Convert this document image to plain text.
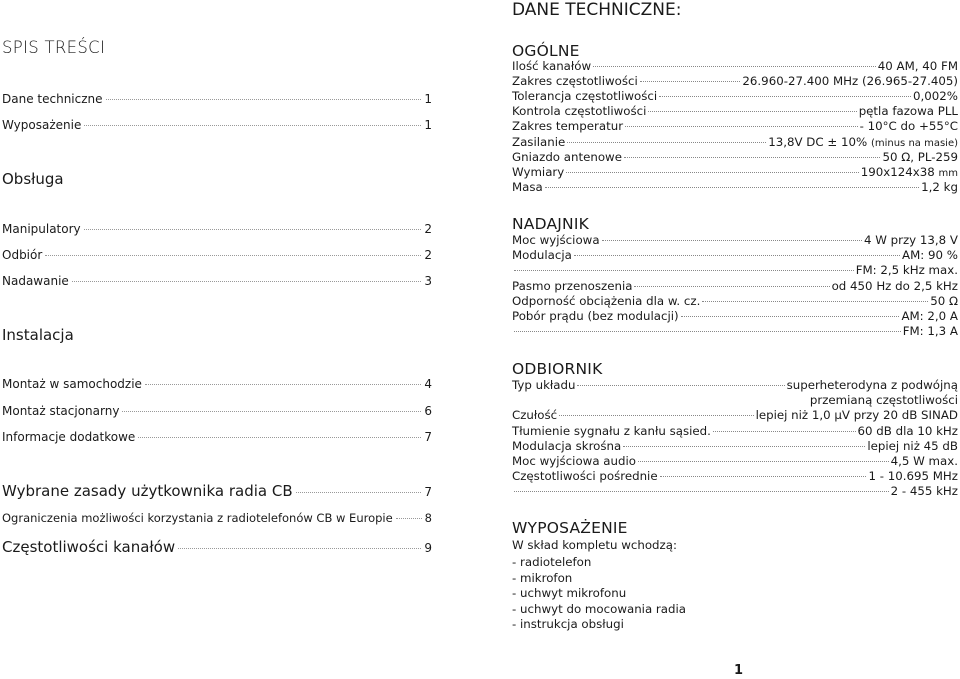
SPIS TREŚCI
Dane techniczne	1
Wyposażenie	1
Obsługa
Manipulatory	2
Odbiór	2
Nadawanie	3
Instalacja
Montaż w samochodzie	4
Montaż stacjonarny	6
Informacje dodatkowe	7
Wybrane zasady użytkownika radia CB	7
Ograniczenia możliwości korzystania z radiotelefonów CB w Europie	8
Częstotliwości kanałów	9
DANE TECHNICZNE:
OGÓLNE
Ilość kanałów	40 AM, 40 FM
Zakres częstotliwości	26.960-27.400 MHz (26.965-27.405)
Tolerancja częstotliwości	0,002%
Kontrola częstotliwości	pętla fazowa PLL
Zakres temperatur	- 10°C do +55°C
Zasilanie	13,8V DC ± 10% (minus na masie)
Gniazdo antenowe	50 Ω, PL-259
Wymiary	190x124x38 mm
Masa	1,2 kg
NADAJNIK
Moc wyjściowa	4 W przy 13,8 V
Modulacja	AM: 90 %
FM: 2,5 kHz max.
Pasmo przenoszenia	od 450 Hz do 2,5 kHz
Odporność obciążenia dla w. cz.	50 Ω
Pobór prądu (bez modulacji)	AM: 2,0 A
FM: 1,3 A
ODBIORNIK
Typ układu	superheterodyna z podwójną
przemianą częstotliwości
Czułość	lepiej niż 1,0 μV przy 20 dB SINAD
Tłumienie sygnału z kanłu sąsied.	60 dB dla 10 kHz
Modulacja skrośna	lepiej niż 45 dB
Moc wyjściowa audio	4,5 W max.
Częstotliwości pośrednie	1 - 10.695 MHz
2 - 455 kHz
WYPOSAŻENIE
W skład kompletu wchodzą:
- radiotelefon
- mikrofon
- uchwyt mikrofonu
- uchwyt do mocowania radia
- instrukcja obsługi
1
